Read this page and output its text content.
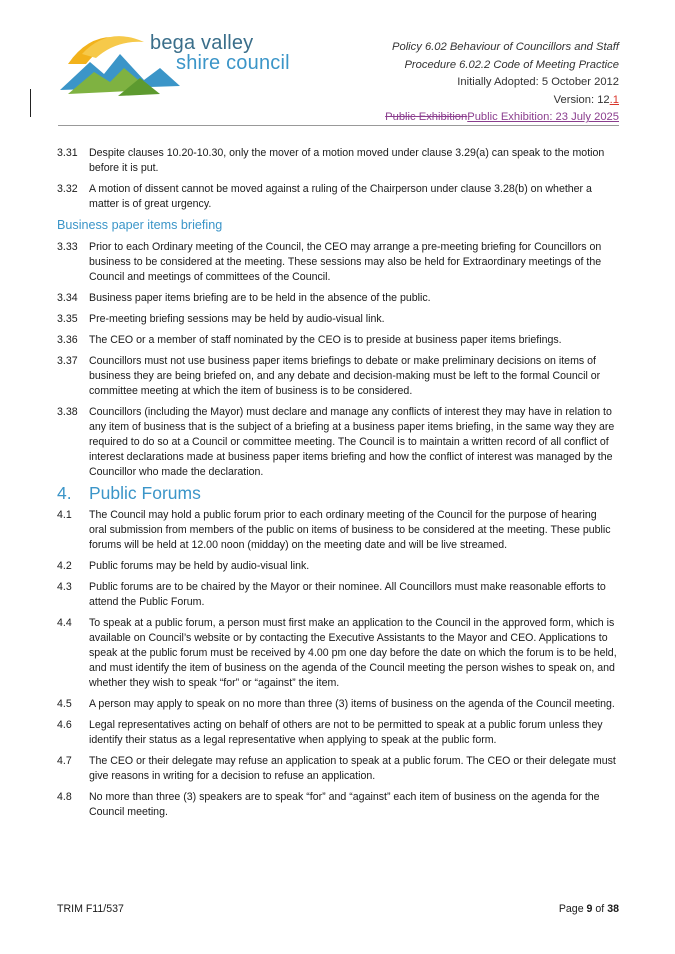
bega valley
shire council
Policy 6.02 Behaviour of Councillors and Staff
Procedure 6.02.2 Code of Meeting Practice
Initially Adopted: 5 October 2012
Version: 12.1
Public ExhibitionPublic Exhibition: 23 July 2025
3.31	Despite clauses 10.20-10.30, only the mover of a motion moved under clause 3.29(a) can speak to the motion before it is put.
3.32	A motion of dissent cannot be moved against a ruling of the Chairperson under clause 3.28(b) on whether a matter is of great urgency.
Business paper items briefing
3.33	Prior to each Ordinary meeting of the Council, the CEO may arrange a pre-meeting briefing for Councillors on business to be considered at the meeting. These sessions may also be held for Extraordinary meetings of the Council and meetings of committees of the Council.
3.34	Business paper items briefing are to be held in the absence of the public.
3.35	Pre-meeting briefing sessions may be held by audio-visual link.
3.36	The CEO or a member of staff nominated by the CEO is to preside at business paper items briefings.
3.37	Councillors must not use business paper items briefings to debate or make preliminary decisions on items of business they are being briefed on, and any debate and decision-making must be left to the formal Council or committee meeting at which the item of business is to be considered.
3.38	Councillors (including the Mayor) must declare and manage any conflicts of interest they may have in relation to any item of business that is the subject of a briefing at a business paper items briefing, in the same way they are required to do so at a Council or committee meeting. The Council is to maintain a written record of all conflict of interest declarations made at business paper items briefing and how the conflict of interest was managed by the Councillor who made the declaration.
4. Public Forums
4.1	The Council may hold a public forum prior to each ordinary meeting of the Council for the purpose of hearing oral submission from members of the public on items of business to be considered at the meeting. These public forums will be held at 12.00 noon (midday) on the meeting date and will be live streamed.
4.2	Public forums may be held by audio-visual link.
4.3	Public forums are to be chaired by the Mayor or their nominee. All Councillors must make reasonable efforts to attend the Public Forum.
4.4	To speak at a public forum, a person must first make an application to the Council in the approved form, which is available on Council’s website or by contacting the Executive Assistants to the Mayor and CEO. Applications to speak at the public forum must be received by 4.00 pm one day before the date on which the forum is to be held, and must identify the item of business on the agenda of the Council meeting the person wishes to speak on, and whether they wish to speak “for” or “against” the item.
4.5	A person may apply to speak on no more than three (3) items of business on the agenda of the Council meeting.
4.6	Legal representatives acting on behalf of others are not to be permitted to speak at a public forum unless they identify their status as a legal representative when applying to speak at the public form.
4.7	The CEO or their delegate may refuse an application to speak at a public forum. The CEO or their delegate must give reasons in writing for a decision to refuse an application.
4.8	No more than three (3) speakers are to speak “for” and “against” each item of business on the agenda for the Council meeting.
TRIM F11/537	Page 9 of 38
